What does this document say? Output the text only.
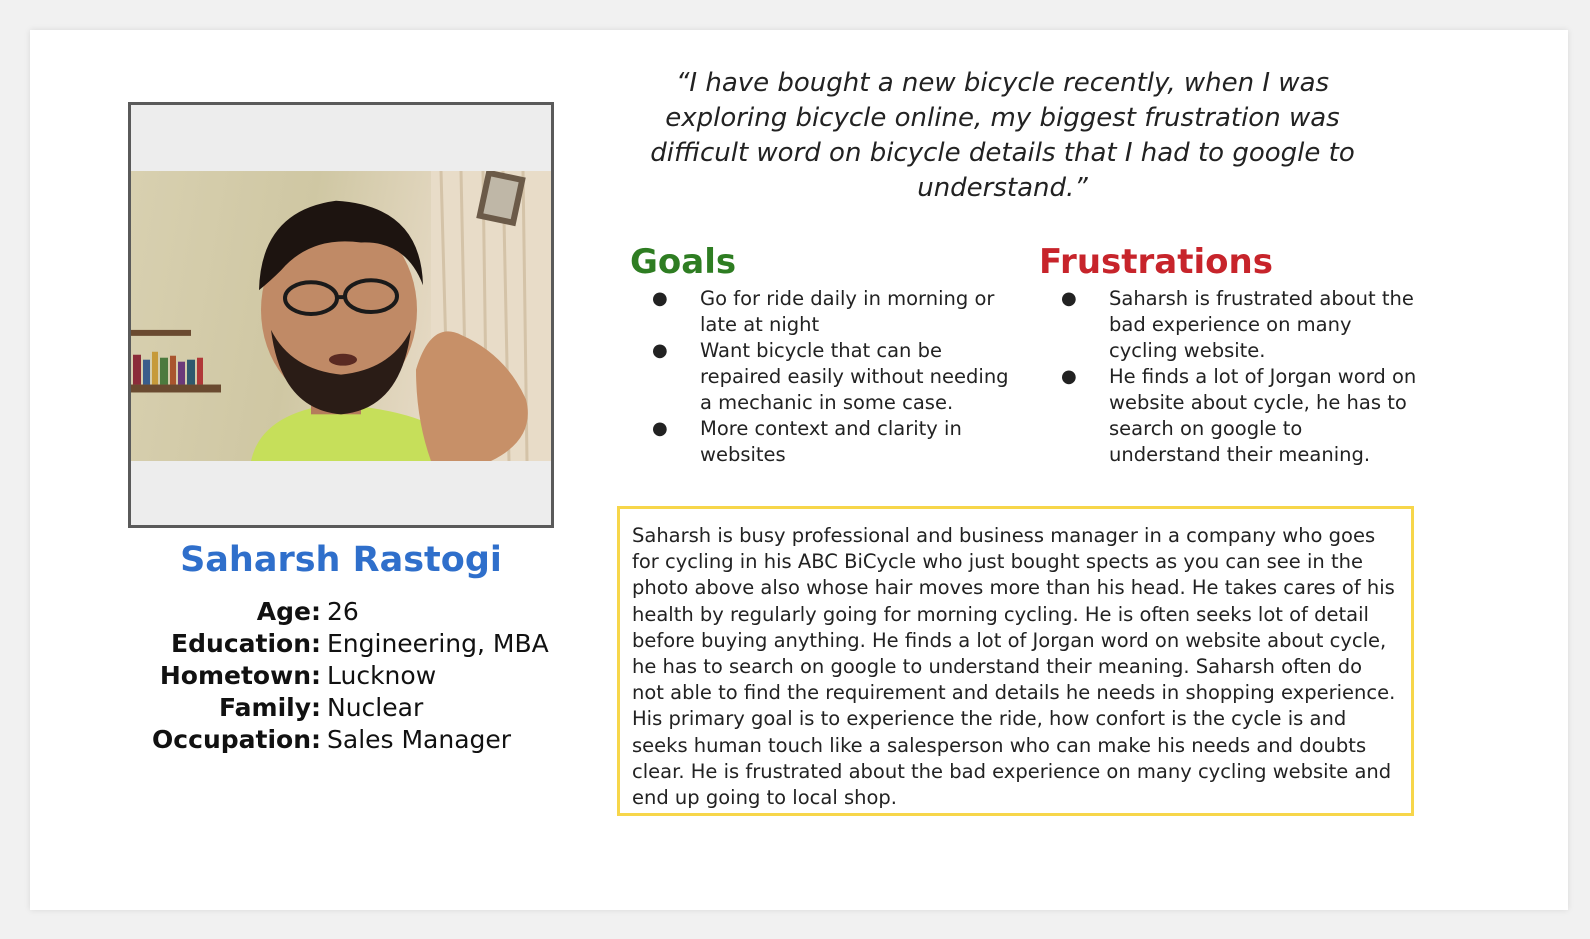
Saharsh Rastogi
Age: 26
Education: Engineering, MBA
Hometown: Lucknow
Family: Nuclear
Occupation: Sales Manager
“I have bought a new bicycle recently, when I was exploring bicycle online, my biggest frustration was difficult word on bicycle details that I had to google to understand.”
Goals
● Go for ride daily in morning or late at night
● Want bicycle that can be repaired easily without needing a mechanic in some case.
● More context and clarity in websites
Frustrations
● Saharsh is frustrated about the bad experience on many cycling website.
● He finds a lot of Jorgan word on website about cycle, he has to search on google to understand their meaning.
Saharsh is busy professional and business manager in a company who goes for cycling in his ABC BiCycle who just bought spects as you can see in the photo above also whose hair moves more than his head. He takes cares of his health by regularly going for morning cycling. He is often seeks lot of detail before buying anything. He finds a lot of Jorgan word on website about cycle, he has to search on google to understand their meaning. Saharsh often do not able to find the requirement and details he needs in shopping experience. His primary goal is to experience the ride, how confort is the cycle is and seeks human touch like a salesperson who can make his needs and doubts clear. He is frustrated about the bad experience on many cycling website and end up going to local shop.
